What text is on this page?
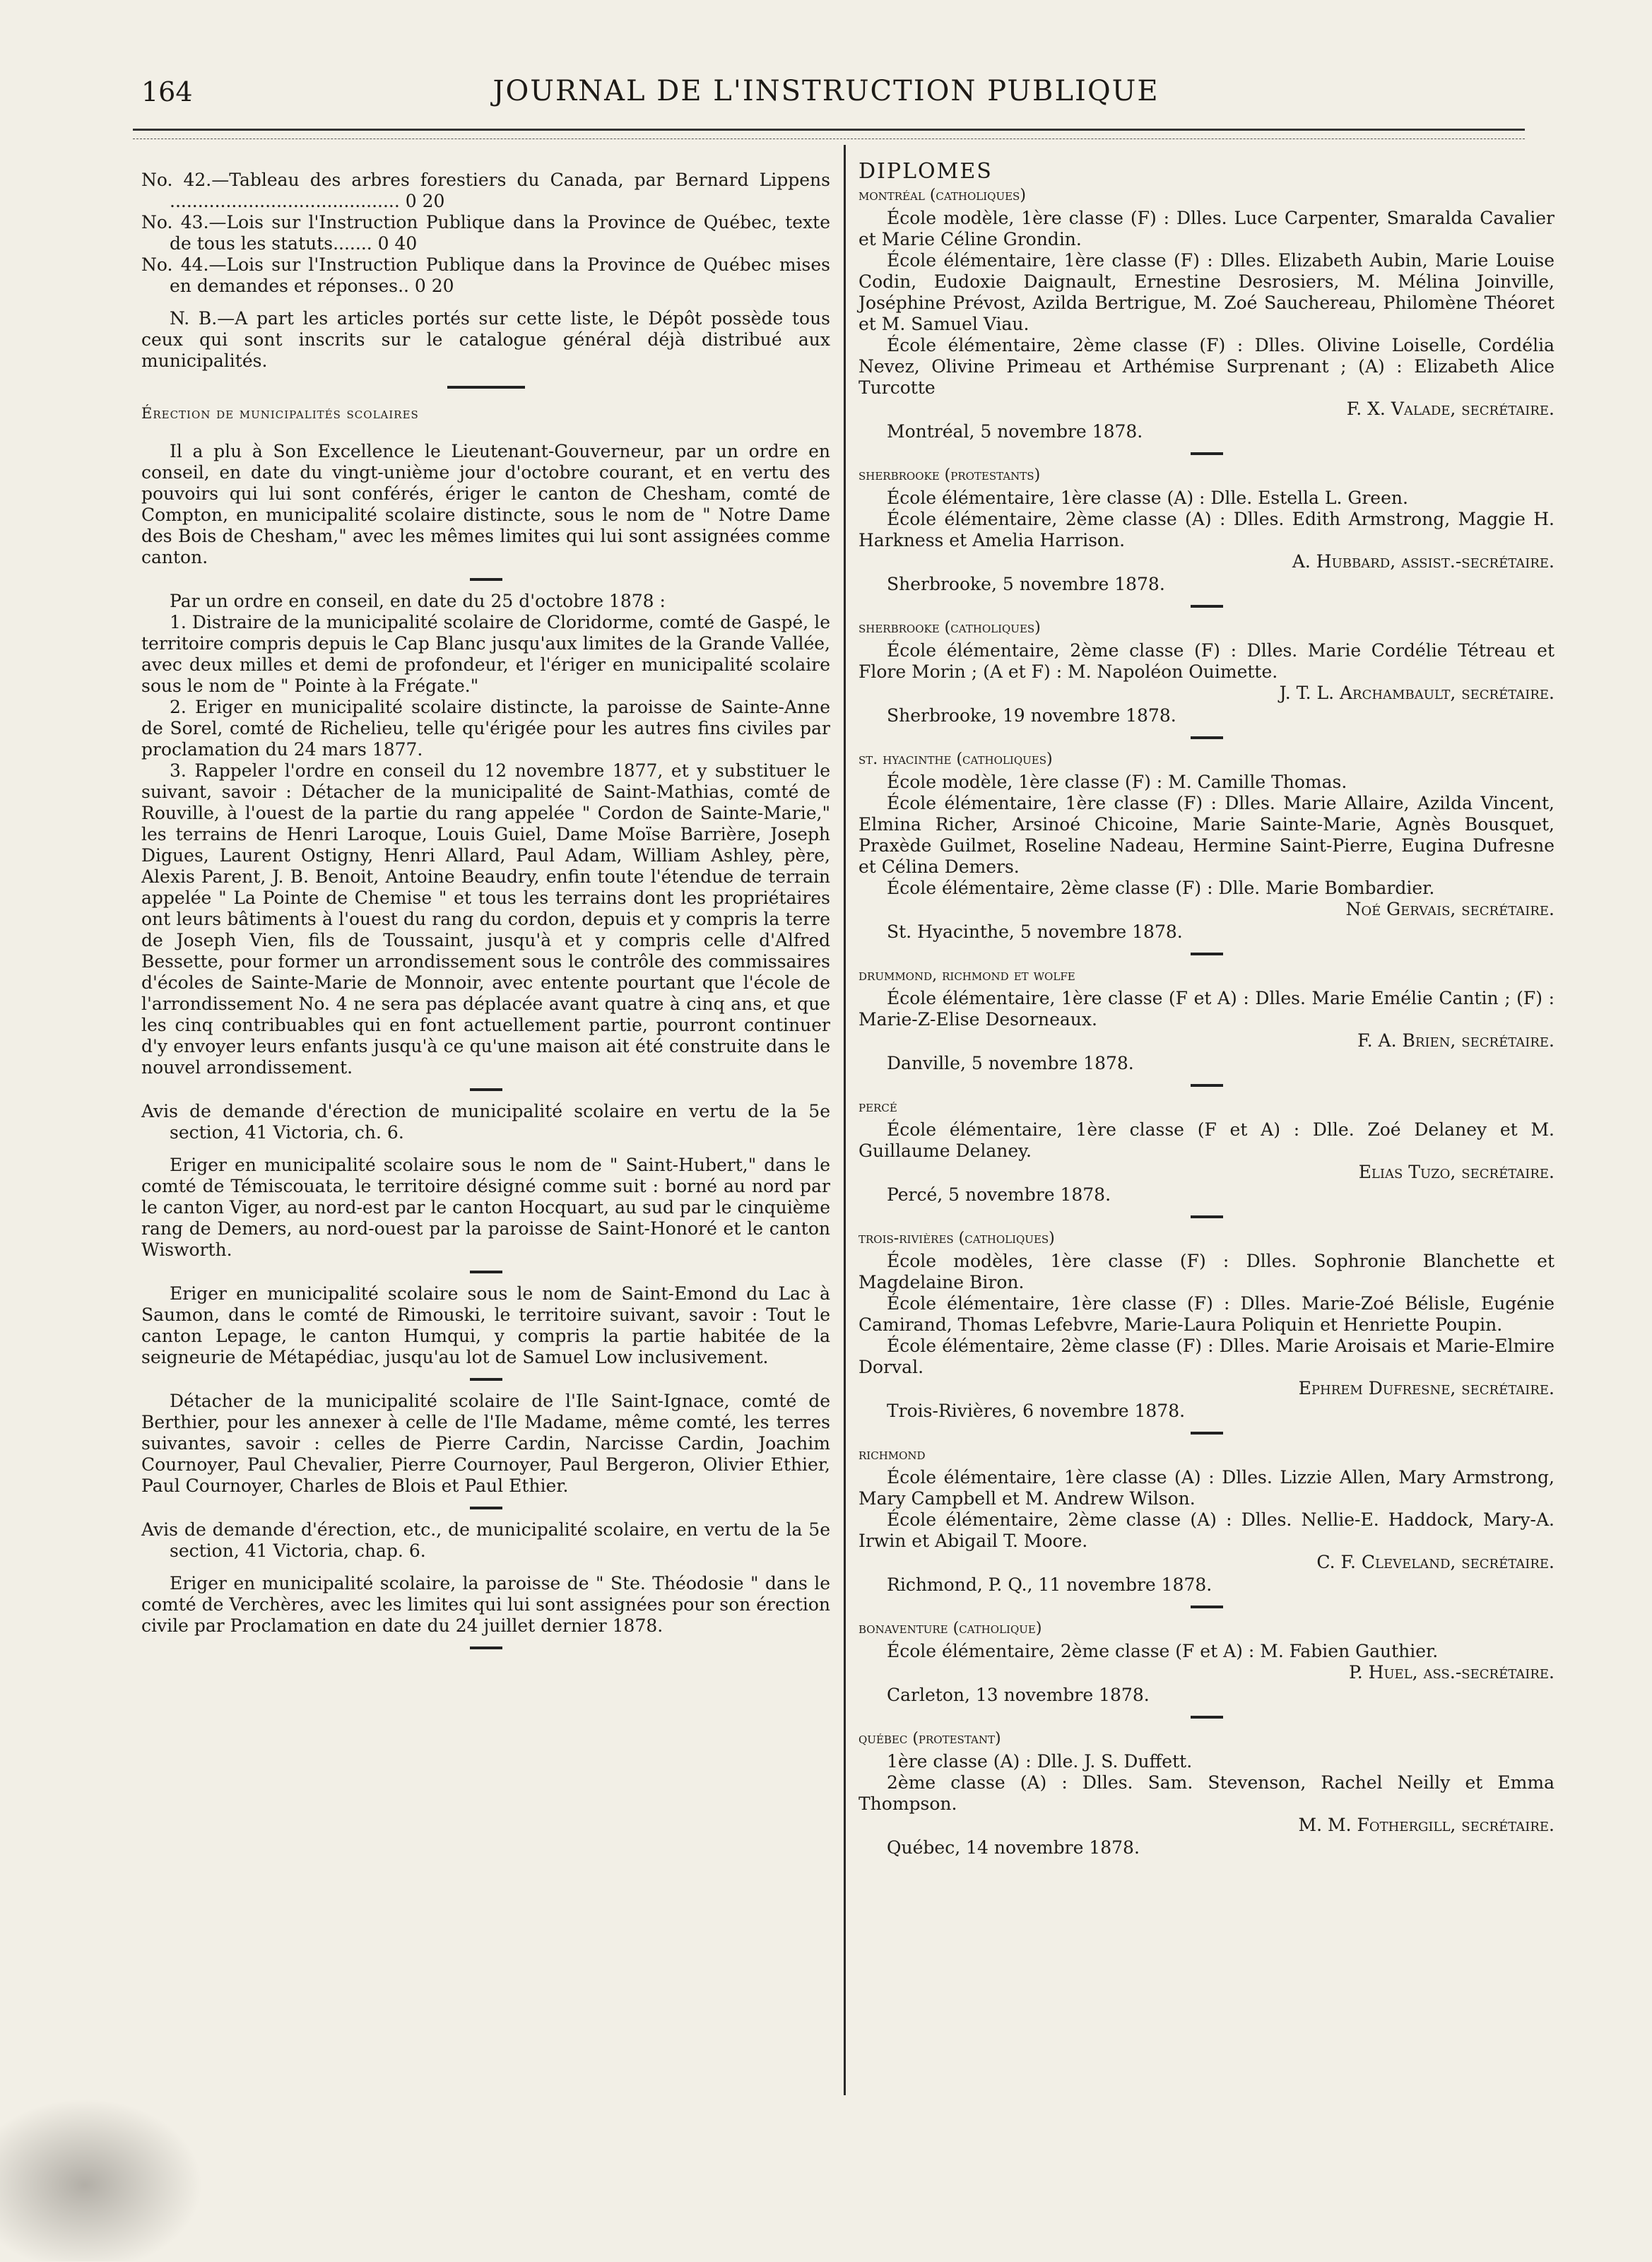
164	JOURNAL DE L'INSTRUCTION PUBLIQUE

No. 42.—Tableau des arbres forestiers du Canada, par Bernard Lippens ......................................... 0 20

No. 43.—Lois sur l'Instruction Publique dans la Province de Québec, texte de tous les statuts....... 0 40

No. 44.—Lois sur l'Instruction Publique dans la Province de Québec mises en demandes et réponses.. 0 20

N. B.—A part les articles portés sur cette liste, le Dépôt possède tous ceux qui sont inscrits sur le catalogue général déjà distribué aux municipalités.

Érection de municipalités scolaires

Il a plu à Son Excellence le Lieutenant-Gouverneur, par un ordre en conseil, en date du vingt-unième jour d'octobre courant, et en vertu des pouvoirs qui lui sont conférés, ériger le canton de Chesham, comté de Compton, en municipalité scolaire distincte, sous le nom de " Notre Dame des Bois de Chesham," avec les mêmes limites qui lui sont assignées comme canton.

Par un ordre en conseil, en date du 25 d'octobre 1878 :

1. Distraire de la municipalité scolaire de Cloridorme, comté de Gaspé, le territoire compris depuis le Cap Blanc jusqu'aux limites de la Grande Vallée, avec deux milles et demi de profondeur, et l'ériger en municipalité scolaire sous le nom de " Pointe à la Frégate."

2. Eriger en municipalité scolaire distincte, la paroisse de Sainte-Anne de Sorel, comté de Richelieu, telle qu'érigée pour les autres fins civiles par proclamation du 24 mars 1877.

3. Rappeler l'ordre en conseil du 12 novembre 1877, et y substituer le suivant, savoir : Détacher de la municipalité de Saint-Mathias, comté de Rouville, à l'ouest de la partie du rang appelée " Cordon de Sainte-Marie," les terrains de Henri Laroque, Louis Guiel, Dame Moïse Barrière, Joseph Digues, Laurent Ostigny, Henri Allard, Paul Adam, William Ashley, père, Alexis Parent, J. B. Benoit, Antoine Beaudry, enfin toute l'étendue de terrain appelée " La Pointe de Chemise " et tous les terrains dont les propriétaires ont leurs bâtiments à l'ouest du rang du cordon, depuis et y compris la terre de Joseph Vien, fils de Toussaint, jusqu'à et y compris celle d'Alfred Bessette, pour former un arrondissement sous le contrôle des commissaires d'écoles de Sainte-Marie de Monnoir, avec entente pourtant que l'école de l'arrondissement No. 4 ne sera pas déplacée avant quatre à cinq ans, et que les cinq contribuables qui en font actuellement partie, pourront continuer d'y envoyer leurs enfants jusqu'à ce qu'une maison ait été construite dans le nouvel arrondissement.

Avis de demande d'érection de municipalité scolaire en vertu de la 5e section, 41 Victoria, ch. 6.

Eriger en municipalité scolaire sous le nom de " Saint-Hubert," dans le comté de Témiscouata, le territoire désigné comme suit : borné au nord par le canton Viger, au nord-est par le canton Hocquart, au sud par le cinquième rang de Demers, au nord-ouest par la paroisse de Saint-Honoré et le canton Wisworth.

Eriger en municipalité scolaire sous le nom de Saint-Emond du Lac à Saumon, dans le comté de Rimouski, le territoire suivant, savoir : Tout le canton Lepage, le canton Humqui, y compris la partie habitée de la seigneurie de Métapédiac, jusqu'au lot de Samuel Low inclusivement.

Détacher de la municipalité scolaire de l'Ile Saint-Ignace, comté de Berthier, pour les annexer à celle de l'Ile Madame, même comté, les terres suivantes, savoir : celles de Pierre Cardin, Narcisse Cardin, Joachim Cournoyer, Paul Chevalier, Pierre Cournoyer, Paul Bergeron, Olivier Ethier, Paul Cournoyer, Charles de Blois et Paul Ethier.

Avis de demande d'érection, etc., de municipalité scolaire, en vertu de la 5e section, 41 Victoria, chap. 6.

Eriger en municipalité scolaire, la paroisse de " Ste. Théodosie " dans le comté de Verchères, avec les limites qui lui sont assignées pour son érection civile par Proclamation en date du 24 juillet dernier 1878.

DIPLOMES

montréal (catholiques)

École modèle, 1ère classe (F) : Dlles. Luce Carpenter, Smaralda Cavalier et Marie Céline Grondin.

École élémentaire, 1ère classe (F) : Dlles. Elizabeth Aubin, Marie Louise Codin, Eudoxie Daignault, Ernestine Desrosiers, M. Mélina Joinville, Joséphine Prévost, Azilda Bertrigue, M. Zoé Sauchereau, Philomène Théoret et M. Samuel Viau.

École élémentaire, 2ème classe (F) : Dlles. Olivine Loiselle, Cordélia Nevez, Olivine Primeau et Arthémise Surprenant ; (A) : Elizabeth Alice Turcotte

F. X. Valade, secrétaire.

Montréal, 5 novembre 1878.

sherbrooke (protestants)

École élémentaire, 1ère classe (A) : Dlle. Estella L. Green.

École élémentaire, 2ème classe (A) : Dlles. Edith Armstrong, Maggie H. Harkness et Amelia Harrison.

A. Hubbard, assist.-secrétaire.

Sherbrooke, 5 novembre 1878.

sherbrooke (catholiques)

École élémentaire, 2ème classe (F) : Dlles. Marie Cordélie Tétreau et Flore Morin ; (A et F) : M. Napoléon Ouimette.

J. T. L. Archambault, secrétaire.

Sherbrooke, 19 novembre 1878.

st. hyacinthe (catholiques)

École modèle, 1ère classe (F) : M. Camille Thomas.

École élémentaire, 1ère classe (F) : Dlles. Marie Allaire, Azilda Vincent, Elmina Richer, Arsinoé Chicoine, Marie Sainte-Marie, Agnès Bousquet, Praxède Guilmet, Roseline Nadeau, Hermine Saint-Pierre, Eugina Dufresne et Célina Demers.

École élémentaire, 2ème classe (F) : Dlle. Marie Bombardier.

Noé Gervais, secrétaire.

St. Hyacinthe, 5 novembre 1878.

drummond, richmond et wolfe

École élémentaire, 1ère classe (F et A) : Dlles. Marie Emélie Cantin ; (F) : Marie-Z-Elise Desorneaux.

F. A. Brien, secrétaire.

Danville, 5 novembre 1878.

percé

École élémentaire, 1ère classe (F et A) : Dlle. Zoé Delaney et M. Guillaume Delaney.

Elias Tuzo, secrétaire.

Percé, 5 novembre 1878.

trois-rivières (catholiques)

École modèles, 1ère classe (F) : Dlles. Sophronie Blanchette et Magdelaine Biron.

École élémentaire, 1ère classe (F) : Dlles. Marie-Zoé Bélisle, Eugénie Camirand, Thomas Lefebvre, Marie-Laura Poliquin et Henriette Poupin.

École élémentaire, 2ème classe (F) : Dlles. Marie Aroisais et Marie-Elmire Dorval.

Ephrem Dufresne, secrétaire.

Trois-Rivières, 6 novembre 1878.

richmond

École élémentaire, 1ère classe (A) : Dlles. Lizzie Allen, Mary Armstrong, Mary Campbell et M. Andrew Wilson.

École élémentaire, 2ème classe (A) : Dlles. Nellie-E. Haddock, Mary-A. Irwin et Abigail T. Moore.

C. F. Cleveland, secrétaire.

Richmond, P. Q., 11 novembre 1878.

bonaventure (catholique)

École élémentaire, 2ème classe (F et A) : M. Fabien Gauthier.

P. Huel, ass.-secrétaire.

Carleton, 13 novembre 1878.

québec (protestant)

1ère classe (A) : Dlle. J. S. Duffett.

2ème classe (A) : Dlles. Sam. Stevenson, Rachel Neilly et Emma Thompson.

M. M. Fothergill, secrétaire.

Québec, 14 novembre 1878.
